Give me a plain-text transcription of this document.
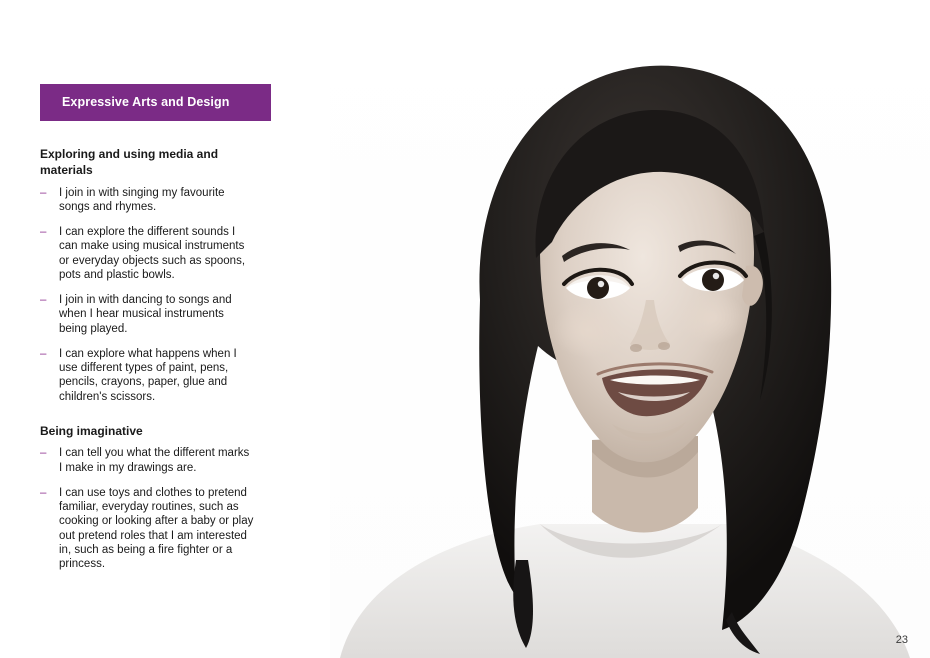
Expressive Arts and Design
Exploring and using media and materials
– I join in with singing my favourite songs and rhymes.
– I can explore the different sounds I can make using musical instruments or everyday objects such as spoons, pots and plastic bowls.
– I join in with dancing to songs and when I hear musical instruments being played.
– I can explore what happens when I use different types of paint, pens, pencils, crayons, paper, glue and children's scissors.
Being imaginative
– I can tell you what the different marks I make in my drawings are.
– I can use toys and clothes to pretend familiar, everyday routines, such as cooking or looking after a baby or play out pretend roles that I am interested in, such as being a fire fighter or a princess.
23
